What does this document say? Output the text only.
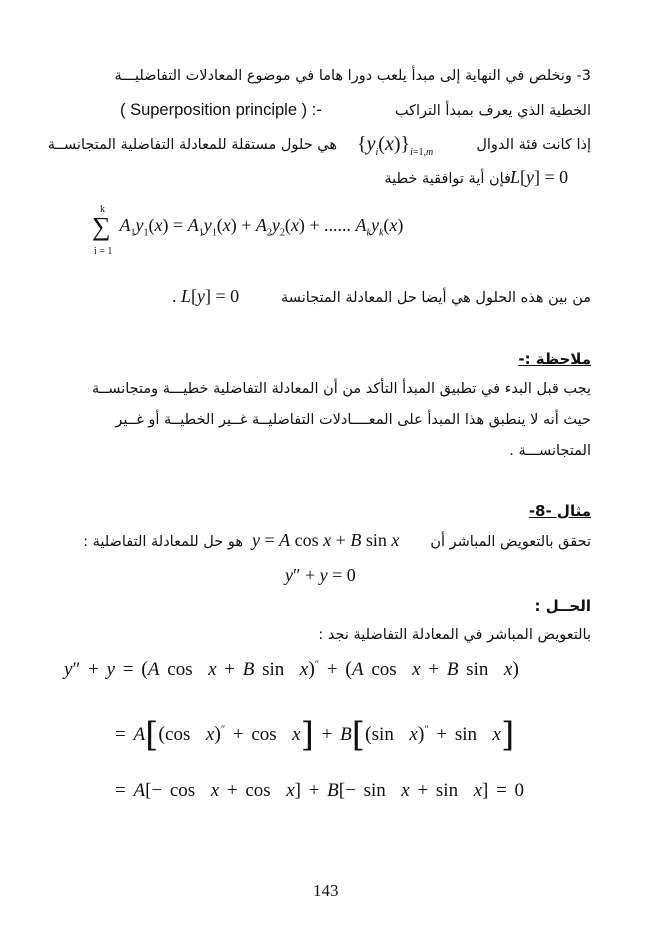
3- ونخلص في النهاية إلى مبدأ يلعب دورا هاما في موضوع المعادلات التفاضليـــة
الخطية الذي يعرف بمبدأ التراكب
( Superposition principle ) :-
إذا كانت فئة الدوال
$\{y_i(x)\}_{i=1,m}$
هي حلول مستقلة للمعادلة التفاضلية المتجانســة
فإن أية توافقية خطية L[y] = 0
k
∑
i = 1
$A_1y_1(x) = A_1y_1(x) + A_2y_2(x)$ + ...... $A_ky_k(x)$
من بين هذه الحلول هي أيضا حل المعادلة المتجانسة
. L[y] = 0
ملاحظة :-
يجب قبل البدء في تطبيق المبدأ التأكد من أن المعادلة التفاضلية خطيـــة ومتجانســة
حيث أنه لا ينطبق هذا المبدأ على المعــــادلات التفاضليــة غــير الخطيــة أو غــير
المتجانســـة .
مثال -8-
تحقق بالتعويض المباشر أن
y = A cos x + B sin x
هو حل للمعادلة التفاضلية :
y″ + y = 0
الحــل :
بالتعويض المباشر في المعادلة التفاضلية نجد :
y″ + y = (A cos  x + B sin  x)″ + (A cos  x + B sin  x)
= A[(cos  x)″ + cos  x] + B[(sin  x)″ + sin  x]
= A[− cos  x + cos  x] + B[− sin  x + sin  x] = 0
143
